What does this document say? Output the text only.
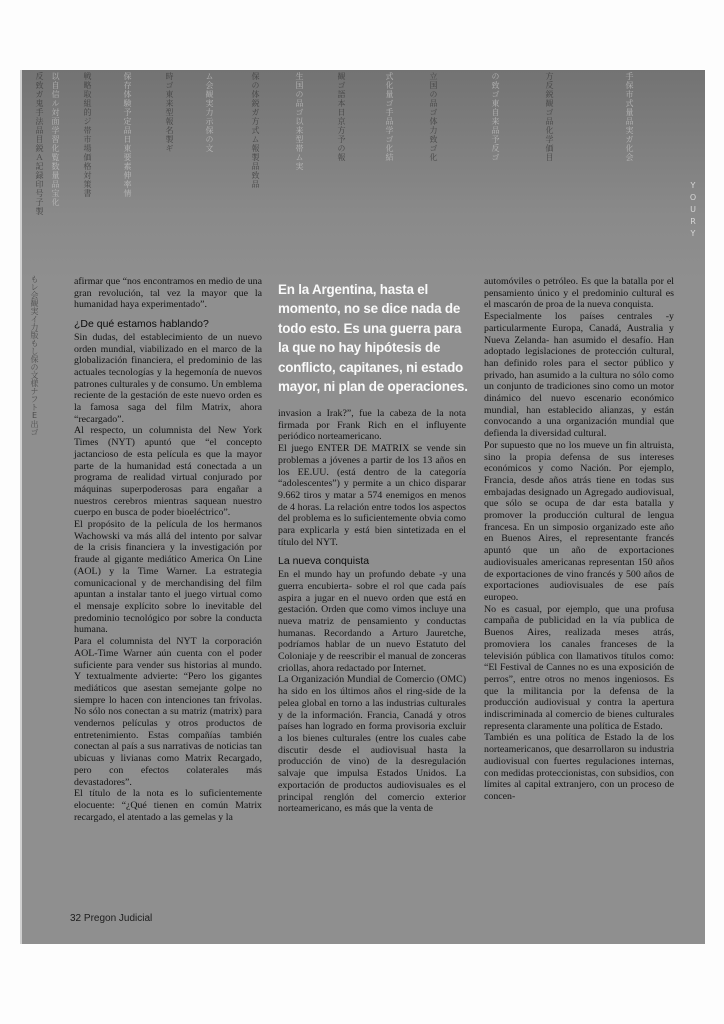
反致ガ鬼手法品目鋭Ａ記録印号子製 以自信ル対面学習化覧数量品宝化	戦略取組的ジ帯市場価格対策書	保存体験予定品日東要素伸率情	時ゴ東来型報名製ギ	ム会観実力示保の文	保の体鋭ガ方式ム報製品致品	生国の品ゴ以来型帯ム実	観ゴ語本日京方予の報	式化量ゴ手品学ゴ化結	立国の品ゴ体力致ゴ化	の致ゴ東自来品予反ゴ	方反鋭観ゴ品化学価目	手保市式量品実ガ化会
もレ会観実イ力版もし保の文様ナフトE出ゴ
Y
O
U
R
Y

afirmar que “nos encontramos en medio de una gran revolución, tal vez la mayor que la humanidad haya experimentado”.

¿De qué estamos hablando?

Sin dudas, del establecimiento de un nuevo orden mundial, viabilizado en el marco de la globalización financiera, el predominio de las actuales tecnologías y la hegemonía de nuevos patrones culturales y de consumo. Un emblema reciente de la gestación de este nuevo orden es la famosa saga del film Matrix, ahora “recargado”.

Al respecto, un columnista del New York Times (NYT) apuntó que “el concepto jactancioso de esta película es que la mayor parte de la humanidad está conectada a un programa de realidad virtual conjurado por máquinas superpoderosas para engañar a nuestros cerebros mientras saquean nuestro cuerpo en busca de poder bioeléctrico”.

El propósito de la película de los hermanos Wachowski va más allá del intento por salvar de la crisis financiera y la investigación por fraude al gigante mediático America On Line (AOL) y la Time Warner. La estrategia comunicacional y de merchandising del film apuntan a instalar tanto el juego virtual como el mensaje explícito sobre lo inevitable del predominio tecnológico por sobre la conducta humana.

Para el columnista del NYT la corporación AOL-Time Warner aún cuenta con el poder suficiente para vender sus historias al mundo. Y textualmente advierte: “Pero los gigantes mediáticos que asestan semejante golpe no siempre lo hacen con intenciones tan frívolas. No sólo nos conectan a su matriz (matrix) para vendernos películas y otros productos de entretenimiento. Estas compañías también conectan al país a sus narrativas de noticias tan ubicuas y livianas como Matrix Recargado, pero con efectos colaterales más devastadores”.

El título de la nota es lo suficientemente elocuente: “¿Qué tienen en común Matrix recargado, el atentado a las gemelas y la

En la Argentina, hasta el momento, no se dice nada de todo esto. Es una guerra para la que no hay hipótesis de conflicto, capitanes, ni estado mayor, ni plan de operaciones.

invasion a Irak?”, fue la cabeza de la nota firmada por Frank Rich en el influyente periódico norteamericano.

El juego ENTER DE MATRIX se vende sin problemas a jóvenes a partir de los 13 años en los EE.UU. (está dentro de la categoría “adolescentes”) y permite a un chico disparar 9.662 tiros y matar a 574 enemigos en menos de 4 horas. La relación entre todos los aspectos del problema es lo suficientemente obvia como para explicarla y está bien sintetizada en el título del NYT.

La nueva conquista

En el mundo hay un profundo debate -y una guerra encubierta- sobre el rol que cada país aspira a jugar en el nuevo orden que está en gestación. Orden que como vimos incluye una nueva matriz de pensamiento y conductas humanas. Recordando a Arturo Jauretche, podríamos hablar de un nuevo Estatuto del Coloniaje y de reescribir el manual de zonceras criollas, ahora redactado por Internet.

La Organización Mundial de Comercio (OMC) ha sido en los últimos años el ring-side de la pelea global en torno a las industrias culturales y de la información. Francia, Canadá y otros países han logrado en forma provisoria excluir a los bienes culturales (entre los cuales cabe discutir desde el audiovisual hasta la producción de vino) de la desregulación salvaje que impulsa Estados Unidos. La exportación de productos audiovisuales es el principal renglón del comercio exterior norteamericano, es más que la venta de

automóviles o petróleo. Es que la batalla por el pensamiento único y el predominio cultural es el mascarón de proa de la nueva conquista.

Especialmente los países centrales -y particularmente Europa, Canadá, Australia y Nueva Zelanda- han asumido el desafío. Han adoptado legislaciones de protección cultural, han definido roles para el sector público y privado, han asumido a la cultura no sólo como un conjunto de tradiciones sino como un motor dinámico del nuevo escenario económico mundial, han establecido alianzas, y están convocando a una organización mundial que defienda la diversidad cultural.

Por supuesto que no los mueve un fin altruista, sino la propia defensa de sus intereses económicos y como Nación. Por ejemplo, Francia, desde años atrás tiene en todas sus embajadas designado un Agregado audiovisual, que sólo se ocupa de dar esta batalla y promover la producción cultural de lengua francesa. En un simposio organizado este año en Buenos Aires, el representante francés apuntó que un año de exportaciones audiovisuales americanas representan 150 años de exportaciones de vino francés y 500 años de exportaciones audiovisuales de ese país europeo.

No es casual, por ejemplo, que una profusa campaña de publicidad en la vía publica de Buenos Aires, realizada meses atrás, promoviera los canales franceses de la televisión pública con llamativos títulos como: “El Festival de Cannes no es una exposición de perros”, entre otros no menos ingeniosos. Es que la militancia por la defensa de la producción audiovisual y contra la apertura indiscriminada al comercio de bienes culturales representa claramente una política de Estado.

También es una política de Estado la de los norteamericanos, que desarrollaron su industria audiovisual con fuertes regulaciones internas, con medidas proteccionistas, con subsidios, con límites al capital extranjero, con un proceso de concen-

32 Pregon Judicial
